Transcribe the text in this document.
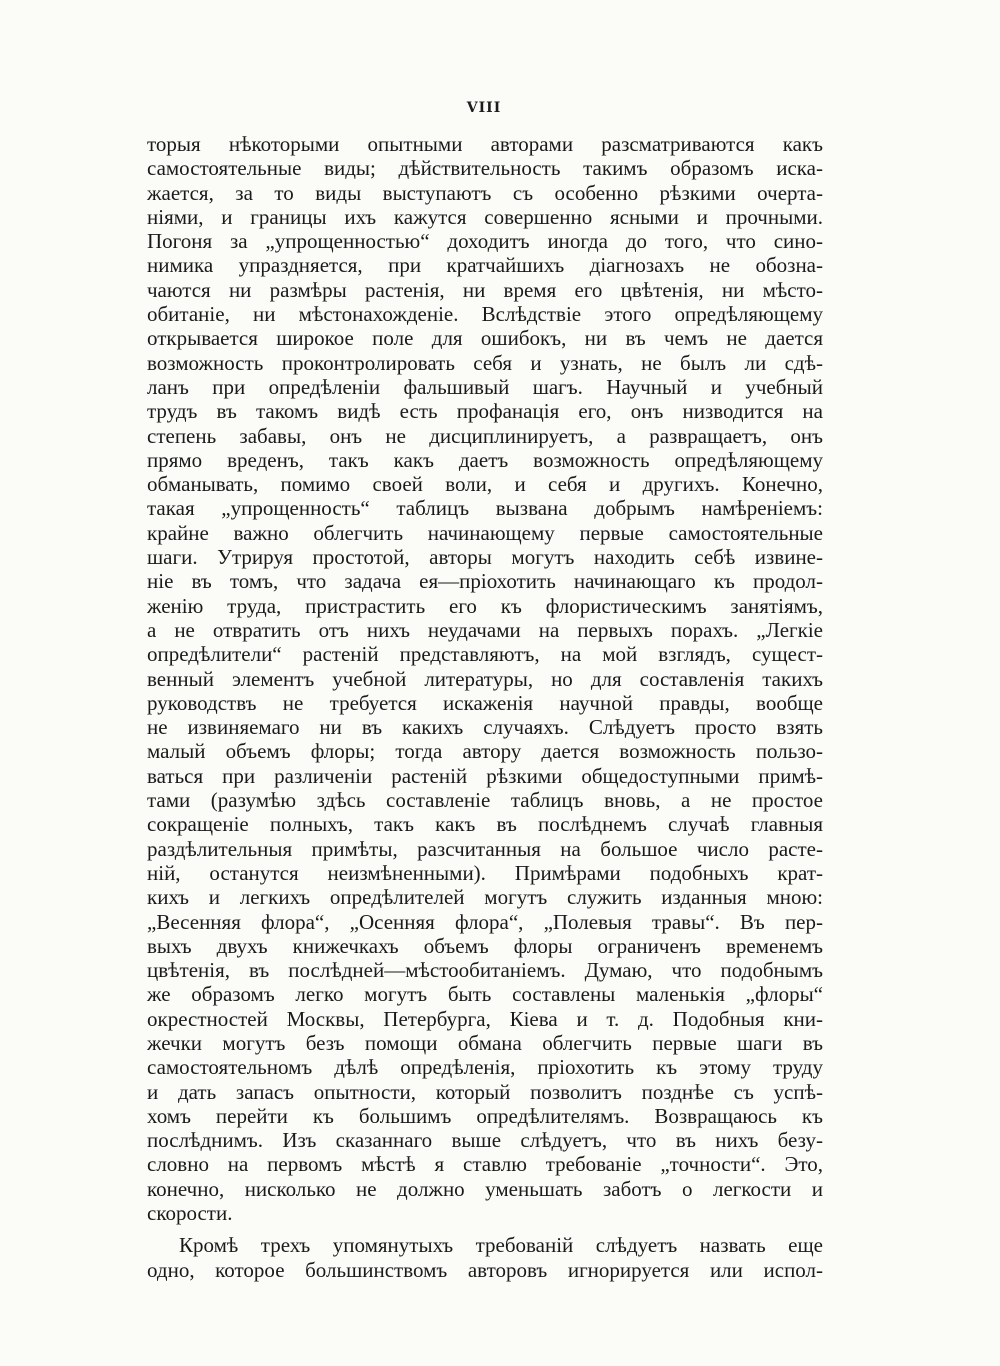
VIII
торыя нѣкоторыми опытными авторами разсматриваются какъ
самостоятельные виды; дѣйствительность такимъ образомъ иска-
жается, за то виды выступаютъ съ особенно рѣзкими очерта-
ніями, и границы ихъ кажутся совершенно ясными и прочными.
Погоня за „упрощенностью“ доходитъ иногда до того, что сино-
нимика упраздняется, при кратчайшихъ діагнозахъ не обозна-
чаются ни размѣры растенія, ни время его цвѣтенія, ни мѣсто-
обитаніе, ни мѣстонахожденіе. Вслѣдствіе этого опредѣляющему
открывается широкое поле для ошибокъ, ни въ чемъ не дается
возможность проконтролировать себя и узнать, не былъ ли сдѣ-
ланъ при опредѣленіи фальшивый шагъ. Научный и учебный
трудъ въ такомъ видѣ есть профанація его, онъ низводится на
степень забавы, онъ не дисциплинируетъ, а развращаетъ, онъ
прямо вреденъ, такъ какъ даетъ возможность опредѣляющему
обманывать, помимо своей воли, и себя и другихъ. Конечно,
такая „упрощенность“ таблицъ вызвана добрымъ намѣреніемъ:
крайне важно облегчить начинающему первые самостоятельные
шаги. Утрируя простотой, авторы могутъ находить себѣ извине-
ніе въ томъ, что задача ея—пріохотить начинающаго къ продол-
женію труда, пристрастить его къ флористическимъ занятіямъ,
а не отвратить отъ нихъ неудачами на первыхъ порахъ. „Легкіе
опредѣлители“ растеній представляютъ, на мой взглядъ, сущест-
венный элементъ учебной литературы, но для составленія такихъ
руководствъ не требуется искаженія научной правды, вообще
не извиняемаго ни въ какихъ случаяхъ. Слѣдуетъ просто взять
малый объемъ флоры; тогда автору дается возможность пользо-
ваться при различеніи растеній рѣзкими общедоступными примѣ-
тами (разумѣю здѣсь составленіе таблицъ вновь, а не простое
сокращеніе полныхъ, такъ какъ въ послѣднемъ случаѣ главныя
раздѣлительныя примѣты, разсчитанныя на большое число расте-
ній, останутся неизмѣненными). Примѣрами подобныхъ крат-
кихъ и легкихъ опредѣлителей могутъ служить изданныя мною:
„Весенняя флора“, „Осенняя флора“, „Полевыя травы“. Въ пер-
выхъ двухъ книжечкахъ объемъ флоры ограниченъ временемъ
цвѣтенія, въ послѣдней—мѣстообитаніемъ. Думаю, что подобнымъ
же образомъ легко могутъ быть составлены маленькія „флоры“
окрестностей Москвы, Петербурга, Кіева и т. д. Подобныя кни-
жечки могутъ безъ помощи обмана облегчить первые шаги въ
самостоятельномъ дѣлѣ опредѣленія, пріохотить къ этому труду
и дать запасъ опытности, который позволитъ позднѣе съ успѣ-
хомъ перейти къ большимъ опредѣлителямъ. Возвращаюсь къ
послѣднимъ. Изъ сказаннаго выше слѣдуетъ, что въ нихъ безу-
словно на первомъ мѣстѣ я ставлю требованіе „точности“. Это,
конечно, нисколько не должно уменьшать заботъ о легкости и
скорости.
Кромѣ трехъ упомянутыхъ требованій слѣдуетъ назвать еще
одно, которое большинствомъ авторовъ игнорируется или испол-
